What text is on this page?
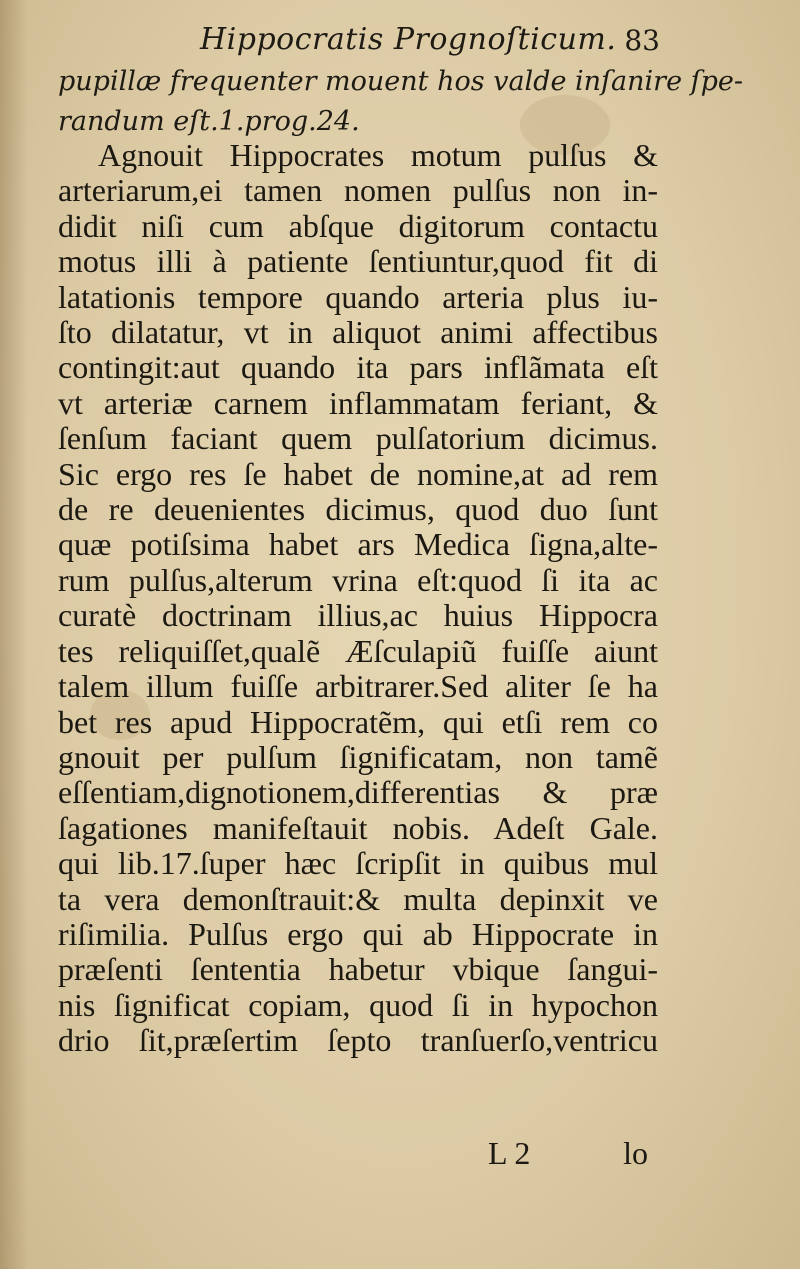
Hippocratis Prognoſticum. 83
pupillæ frequenter mouent hos valde inſanire ſpe-
randum eſt.1.prog.24.
Agnouit Hippocrates motum pulſus &
arteriarum,ei tamen nomen pulſus non in-
didit niſi cum abſque digitorum contactu
motus illi à patiente ſentiuntur,quod fit di
latationis tempore quando arteria plus iu-
ſto dilatatur, vt in aliquot animi affectibus
contingit:aut quando ita pars inflãmata eſt
vt arteriæ carnem inflammatam feriant, &
ſenſum faciant quem pulſatorium dicimus.
Sic ergo res ſe habet de nomine,at ad rem
de re deuenientes dicimus, quod duo ſunt
quæ potiſsima habet ars Medica ſigna,alte-
rum pulſus,alterum vrina eſt:quod ſi ita ac
curatè doctrinam illius,ac huius Hippocra
tes reliquiſſet,qualẽ Æſculapiũ fuiſſe aiunt
talem illum fuiſſe arbitrarer.Sed aliter ſe ha
bet res apud Hippocratẽm, qui etſi rem co
gnouit per pulſum ſignificatam, non tamẽ
eſſentiam,dignotionem,differentias & præ
ſagationes manifeſtauit nobis. Adeſt Gale.
qui lib.17.ſuper hæc ſcripſit in quibus mul
ta vera demonſtrauit:& multa depinxit ve
riſimilia. Pulſus ergo qui ab Hippocrate in
præſenti ſententia habetur vbique ſangui-
nis ſignificat copiam, quod ſi in hypochon
drio ſit,præſertim ſepto tranſuerſo,ventricu
L 2	lo
